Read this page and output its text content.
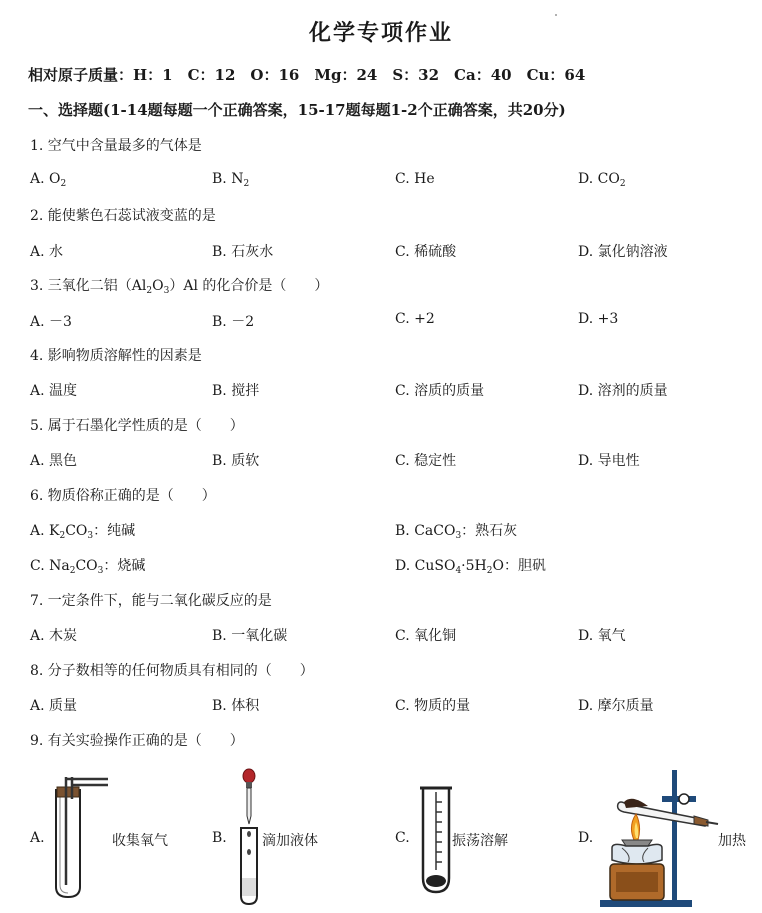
化学专项作业
相对原子质量：H：1　C：12　O：16　Mg：24　S：32　Ca：40　Cu：64
一、选择题(1-14题每题一个正确答案，15-17题每题1-2个正确答案，共20分)
1. 空气中含量最多的气体是
A. $O_2$	B. $N_2$	C. He	D. $CO_2$
2. 能使紫色石蕊试液变蓝的是
A. 水	B. 石灰水	C. 稀硫酸	D. 氯化钠溶液
3. 三氧化二铝$(Al_2O_3)Al$ 的化合价是（　　）
A. －3	B. －2	C. +2	D. +3
4. 影响物质溶解性的因素是
A. 温度	B. 搅拌	C. 溶质的质量	D. 溶剂的质量
5. 属于石墨化学性质的是（　　）
A. 黑色	B. 质软	C. 稳定性	D. 导电性
6. 物质俗称正确的是（　　）
A. $K_2CO_3$：纯碱	B. CaCO$_3$：熟石灰
C. $Na_2CO_3$：烧碱	D. $CuSO_4\cdot 5H_2O$：胆矾
7. 一定条件下，能与二氧化碳反应的是
A. 木炭	B. 一氧化碳	C. 氧化铜	D. 氧气
8. 分子数相等的任何物质具有相同的（　　）
A. 质量	B. 体积	C. 物质的量	D. 摩尔质量
9. 有关实验操作正确的是（　　）
A.	收集氧气	B.	滴加液体	C.	振荡溶解	D.	加热
